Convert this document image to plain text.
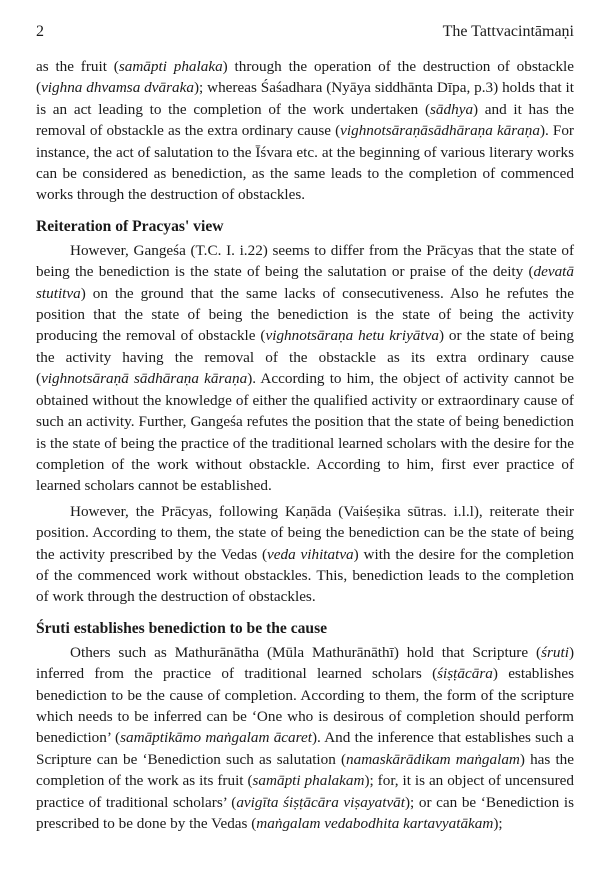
2	The Tattvacintāmaṇi

as the fruit (samāpti phalaka) through the operation of the destruction of obstackle (vighna dhvamsa dvāraka); whereas Śaśadhara (Nyāya siddhānta Dīpa, p.3) holds that it is an act leading to the completion of the work undertaken (sādhya) and it has the removal of obstackle as the extra ordinary cause (vighnotsāraṇāsādhāraṇa kāraṇa). For instance, the act of salutation to the Īśvara etc. at the beginning of various literary works can be considered as benediction, as the same leads to the completion of commenced works through the destruction of obstackles.

Reiteration of Pracyas' view

However, Gangeśa (T.C. I. i.22) seems to differ from the Prācyas that the state of being the benediction is the state of being the salutation or praise of the deity (devatā stutitva) on the ground that the same lacks of consecutiveness. Also he refutes the position that the state of being the benediction is the state of being the activity producing the removal of obstackle (vighnotsāraṇa hetu kriyātva) or the state of being the activity having the removal of the obstackle as its extra ordinary cause (vighnotsāraṇā sādhāraṇa kāraṇa). According to him, the object of activity cannot be obtained without the knowledge of either the qualified activity or extraordinary cause of such an activity. Further, Gangeśa refutes the position that the state of being benediction is the state of being the practice of the traditional learned scholars with the desire for the completion of the work without obstackle. According to him, first ever practice of learned scholars cannot be established.

However, the Prācyas, following Kaṇāda (Vaiśeṣika sūtras. i.l.l), reiterate their position. According to them, the state of being the benediction can be the state of being the activity prescribed by the Vedas (veda vihitatva) with the desire for the completion of the commenced work without obstackles. This, benediction leads to the completion of work through the destruction of obstackles.

Śruti establishes benediction to be the cause

Others such as Mathurānātha (Mūla Mathurānāthī) hold that Scripture (śruti) inferred from the practice of traditional learned scholars (śiṣṭācāra) establishes benediction to be the cause of completion. According to them, the form of the scripture which needs to be inferred can be ‘One who is desirous of completion should perform benediction’ (samāptikāmo maṅgalam ācaret). And the inference that establishes such a Scripture can be ‘Benediction such as salutation (namaskārādikam maṅgalam) has the completion of the work as its fruit (samāpti phalakam); for, it is an object of uncensured practice of traditional scholars’ (avigīta śiṣṭācāra viṣayatvāt); or can be ‘Benediction is prescribed to be done by the Vedas (maṅgalam vedabodhita kartavyatākam);
